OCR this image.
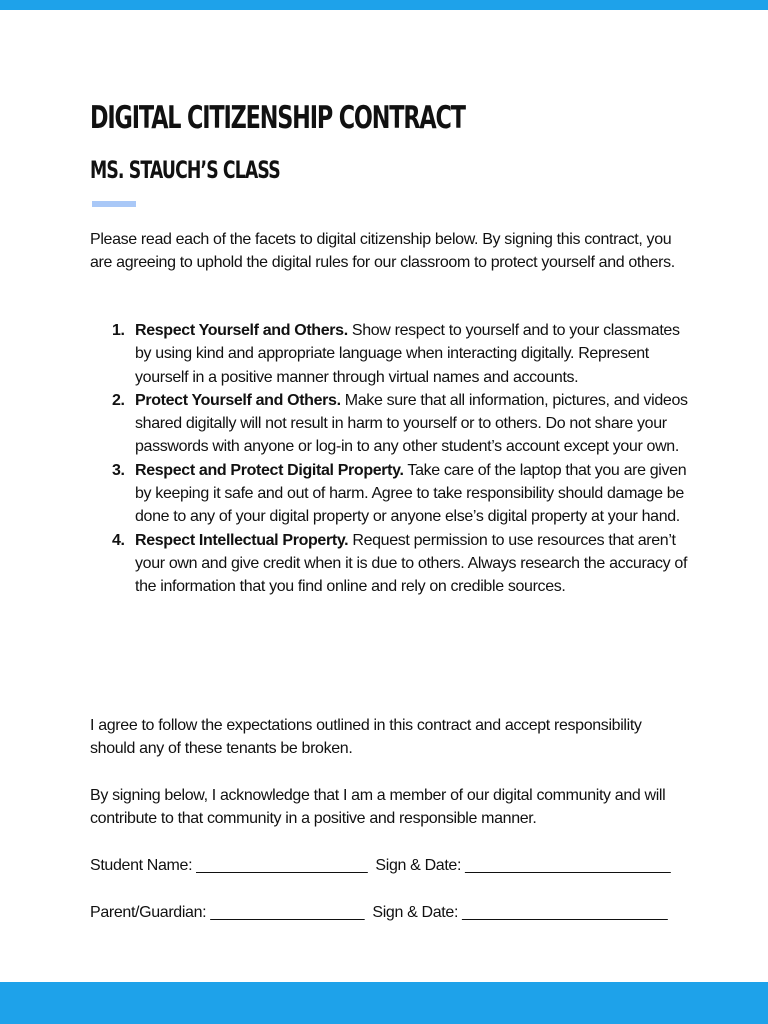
DIGITAL CITIZENSHIP CONTRACT
MS. STAUCH’S CLASS

Please read each of the facets to digital citizenship below. By signing this contract, you are agreeing to uphold the digital rules for our classroom to protect yourself and others.

1. Respect Yourself and Others. Show respect to yourself and to your classmates by using kind and appropriate language when interacting digitally. Represent yourself in a positive manner through virtual names and accounts.
2. Protect Yourself and Others. Make sure that all information, pictures, and videos shared digitally will not result in harm to yourself or to others. Do not share your passwords with anyone or log-in to any other student’s account except your own.
3. Respect and Protect Digital Property. Take care of the laptop that you are given by keeping it safe and out of harm. Agree to take responsibility should damage be done to any of your digital property or anyone else’s digital property at your hand.
4. Respect Intellectual Property. Request permission to use resources that aren’t your own and give credit when it is due to others. Always research the accuracy of the information that you find online and rely on credible sources.

I agree to follow the expectations outlined in this contract and accept responsibility should any of these tenants be broken.

By signing below, I acknowledge that I am a member of our digital community and will contribute to that community in a positive and responsible manner.

Student Name: ____________________  Sign & Date: ________________________
Parent/Guardian: __________________  Sign & Date: ________________________
